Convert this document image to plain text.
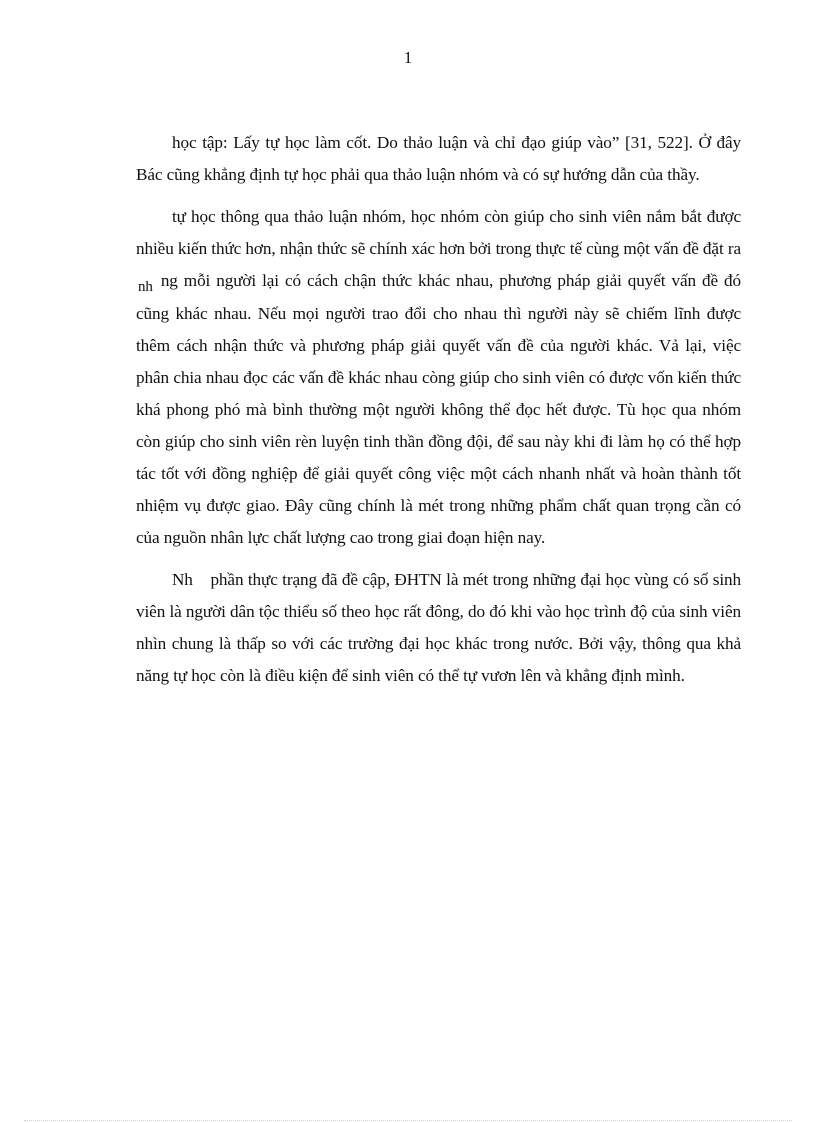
1

học tập: Lấy tự học làm cốt. Do thảo luận và chỉ đạo giúp vào” [31, 522]. Ở đây Bác cũng khẳng định tự học phải qua thảo luận nhóm và có sự hướng dẫn của thầy.

tự học thông qua thảo luận nhóm, học nhóm còn giúp cho sinh viên nắm bắt được nhiều kiến thức hơn, nhận thức sẽ chính xác hơn bởi trong thực tế cùng một vấn đề đặt ra nh ng mỗi người lại có cách chận thức khác nhau, phương pháp giải quyết vấn đề đó cũng khác nhau. Nếu mọi người trao đổi cho nhau thì người này sẽ chiếm lĩnh được thêm cách nhận thức và phương pháp giải quyết vấn đề của người khác. Vả lại, việc phân chia nhau đọc các vấn đề khác nhau còng giúp cho sinh viên có được vốn kiến thức khá phong phó mà bình thường một người không thể đọc hết được. Tù học qua nhóm còn giúp cho sinh viên rèn luyện tinh thần đồng đội, để sau này khi đi làm họ có thể hợp tác tốt với đồng nghiệp để giải quyết công việc một cách nhanh nhất và hoàn thành tốt nhiệm vụ được giao. Đây cũng chính là mét trong những phẩm chất quan trọng cần có của nguồn nhân lực chất lượng cao trong giai đoạn hiện nay.

Nh phần thực trạng đã đề cập, ĐHTN là mét trong những đại học vùng có số sinh viên là người dân tộc thiểu số theo học rất đông, do đó khi vào học trình độ của sinh viên nhìn chung là thấp so với các trường đại học khác trong nước. Bởi vậy, thông qua khả năng tự học còn là điều kiện để sinh viên có thể tự vươn lên và khẳng định mình.
